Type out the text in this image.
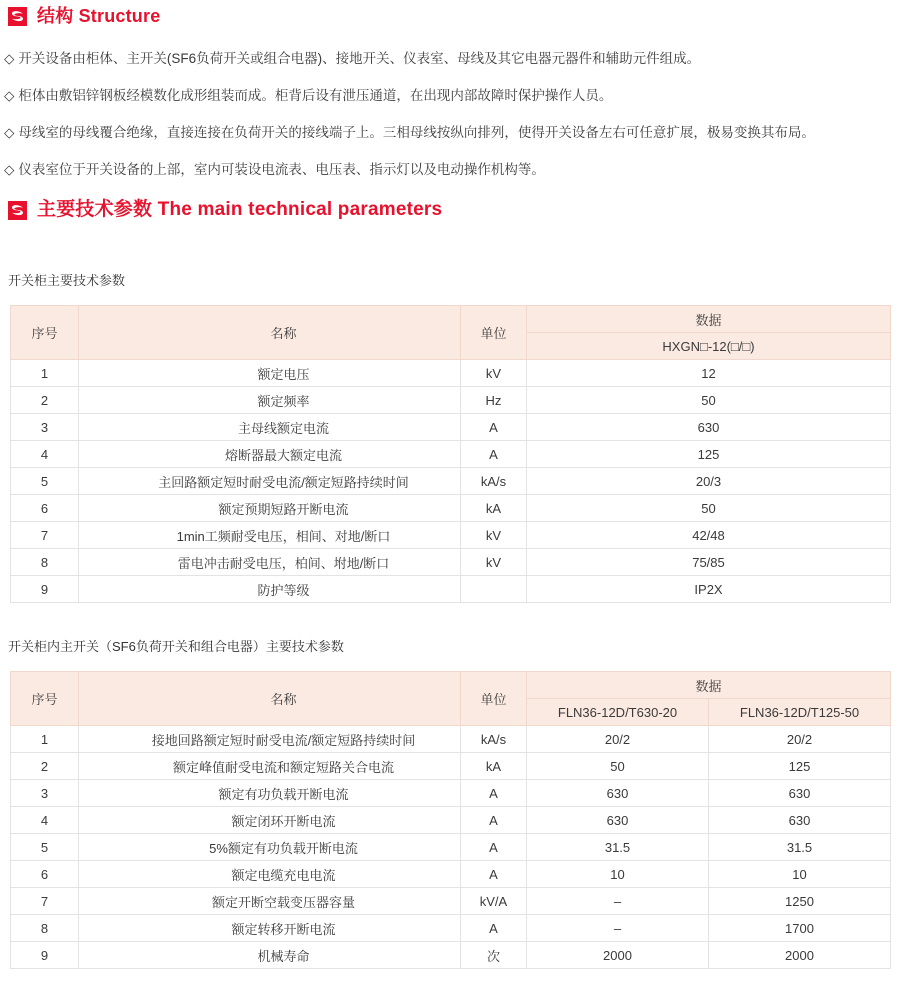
结构 Structure
◇ 开关设备由柜体、主开关(SF6负荷开关或组合电器)、接地开关、仪表室、母线及其它电器元器件和辅助元件组成。
◇ 柜体由敷铝锌钢板经模数化成形组装而成。柜背后设有泄压通道，在出现内部故障时保护操作人员。
◇ 母线室的母线覆合绝缘，直接连接在负荷开关的接线端子上。三相母线按纵向排列，使得开关设备左右可任意扩展，极易变换其布局。
◇ 仪表室位于开关设备的上部，室内可装设电流表、电压表、指示灯以及电动操作机构等。
主要技术参数 The main technical parameters
开关柜主要技术参数
序号	名称	单位	数据
			HXGN□-12(□/□)
1	额定电压	kV	12
2	额定频率	Hz	50
3	主母线额定电流	A	630
4	熔断器最大额定电流	A	125
5	主回路额定短时耐受电流/额定短路持续时间	kA/s	20/3
6	额定预期短路开断电流	kA	50
7	1min工频耐受电压，相间、对地/断口	kV	42/48
8	雷电冲击耐受电压，柏间、坿地/断口	kV	75/85
9	防护等级		IP2X
开关柜内主开关（SF6负荷开关和组合电器）主要技术参数
序号	名称	单位	数据	
			FLN36-12D/T630-20	FLN36-12D/T125-50
1	接地回路额定短时耐受电流/额定短路持续时间	kA/s	20/2	20/2
2	额定峰值耐受电流和额定短路关合电流	kA	50	125
3	额定有功负载开断电流	A	630	630
4	额定闭环开断电流	A	630	630
5	5%额定有功负载开断电流	A	31.5	31.5
6	额定电缆充电电流	A	10	10
7	额定开断空载变压器容量	kV/A	–	1250
8	额定转移开断电流	A	–	1700
9	机械寿命	次	2000	2000
